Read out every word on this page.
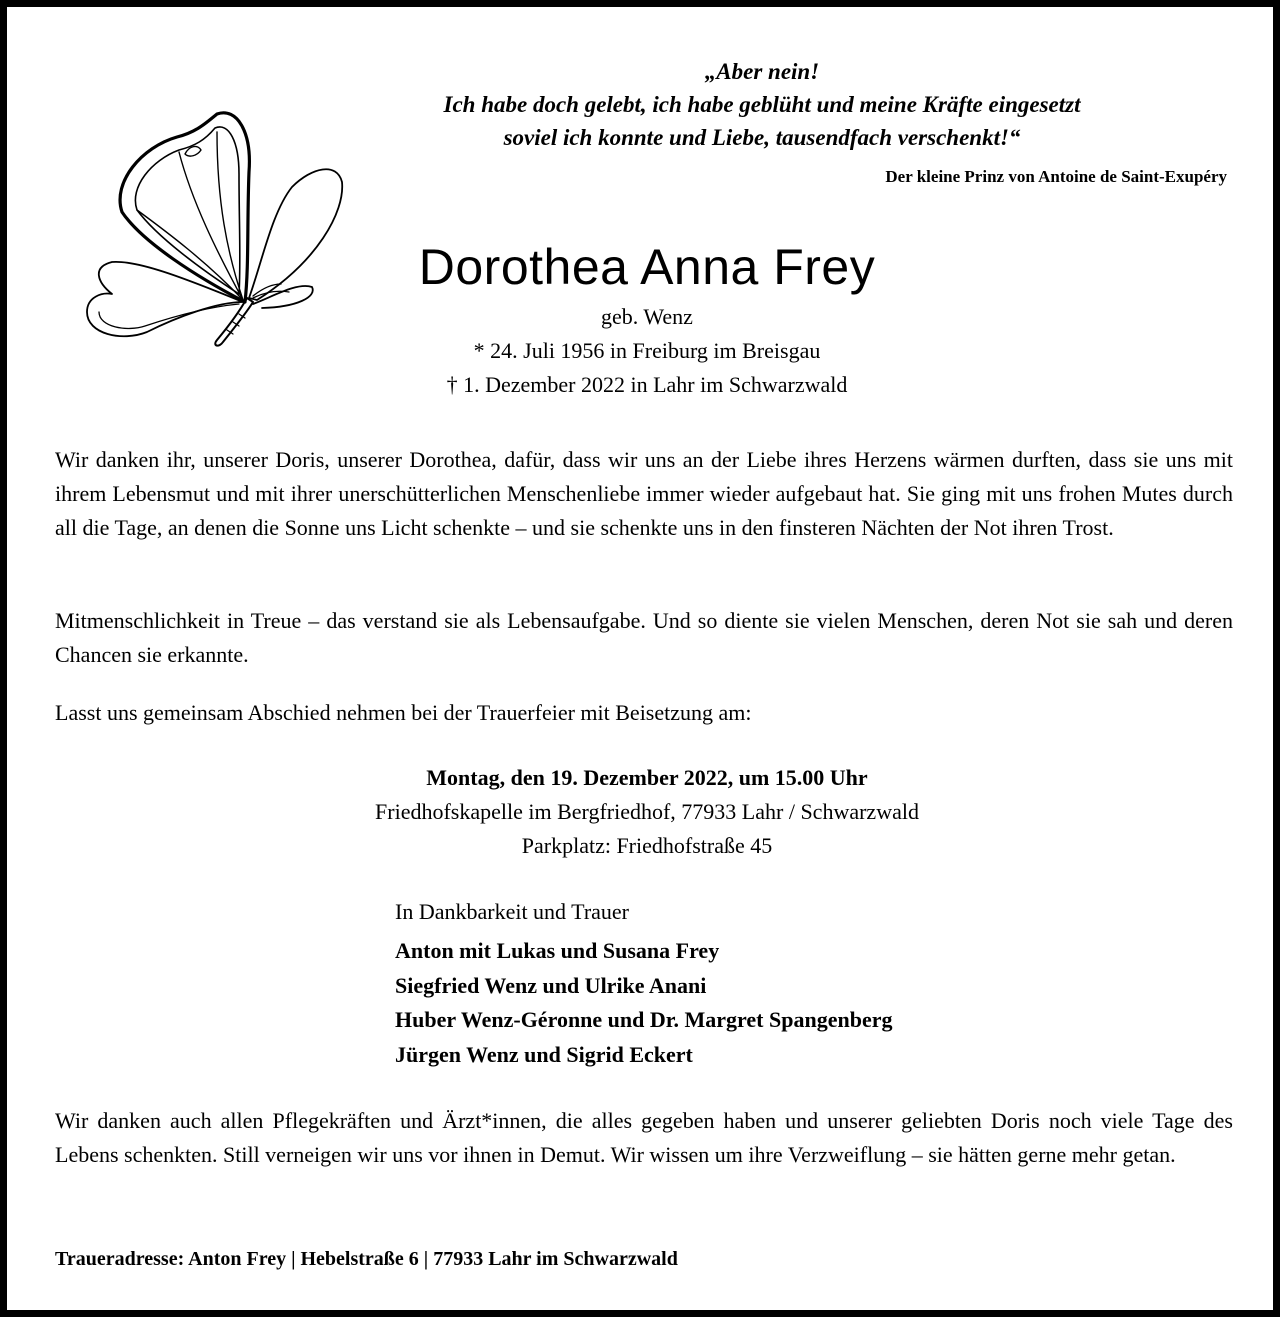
„Aber nein!
Ich habe doch gelebt, ich habe geblüht und meine Kräfte eingesetzt
soviel ich konnte und Liebe, tausendfach verschenkt!“
Der kleine Prinz von Antoine de Saint-Exupéry
Dorothea Anna Frey
geb. Wenz
* 24. Juli 1956 in Freiburg im Breisgau
† 1. Dezember 2022 in Lahr im Schwarzwald
Wir danken ihr, unserer Doris, unserer Dorothea, dafür, dass wir uns an der Liebe ihres Herzens wärmen durften, dass sie uns mit ihrem Lebensmut und mit ihrer unerschütterlichen Menschenliebe immer wieder aufgebaut hat. Sie ging mit uns frohen Mutes durch all die Tage, an denen die Sonne uns Licht schenkte – und sie schenkte uns in den finsteren Nächten der Not ihren Trost.
Mitmenschlichkeit in Treue – das verstand sie als Lebensaufgabe. Und so diente sie vielen Menschen, deren Not sie sah und deren Chancen sie erkannte.
Lasst uns gemeinsam Abschied nehmen bei der Trauerfeier mit Beisetzung am:
Montag, den 19. Dezember 2022, um 15.00 Uhr
Friedhofskapelle im Bergfriedhof, 77933 Lahr / Schwarzwald
Parkplatz: Friedhofstraße 45
In Dankbarkeit und Trauer
Anton mit Lukas und Susana Frey
Siegfried Wenz und Ulrike Anani
Huber Wenz-Géronne und Dr. Margret Spangenberg
Jürgen Wenz und Sigrid Eckert
Wir danken auch allen Pflegekräften und Ärzt*innen, die alles gegeben haben und unserer geliebten Doris noch viele Tage des Lebens schenkten. Still verneigen wir uns vor ihnen in Demut. Wir wissen um ihre Verzweiflung – sie hätten gerne mehr getan.
Traueradresse: Anton Frey | Hebelstraße 6 | 77933 Lahr im Schwarzwald
